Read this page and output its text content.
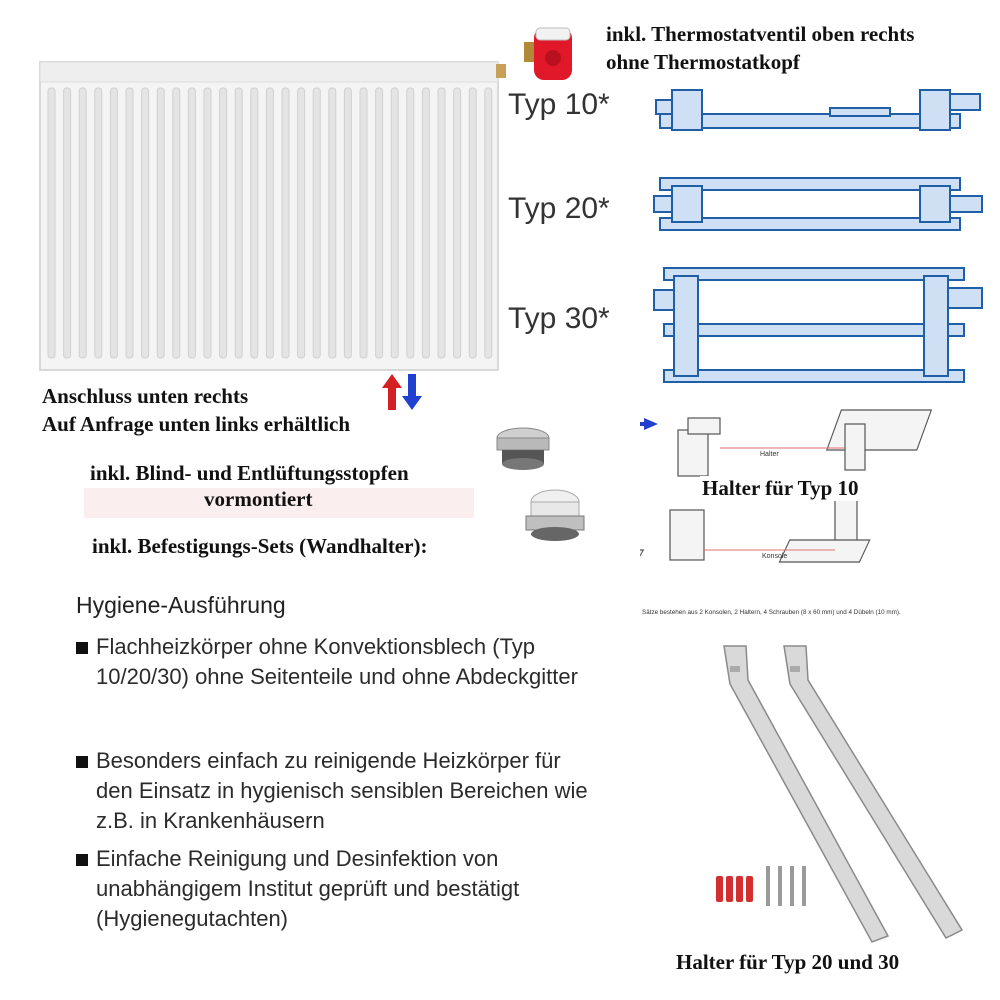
inkl. Thermostatventil oben rechts
ohne Thermostatkopf
Typ 10*
Typ 20*
Typ 30*
Anschluss unten rechts
Auf Anfrage unten links erhältlich
inkl. Blind- und Entlüftungsstopfen
vormontiert
inkl. Befestigungs-Sets (Wandhalter):
Halter
Konsole
Sätze bestehen aus 2 Konsolen, 2 Haltern, 4 Schrauben (8 x 60 mm) und 4 Dübeln (10 mm).
Halter für Typ 10
Hygiene-Ausführung
Flachheizkörper ohne Konvektionsblech (Typ 10/20/30) ohne Seitenteile und ohne Abdeckgitter
Besonders einfach zu reinigende Heizkörper für den Einsatz in hygienisch sensiblen Bereichen wie z.B. in Krankenhäusern
Einfache Reinigung und Desinfektion von unabhängigem Institut geprüft und bestätigt (Hygienegutachten)
Halter für Typ 20 und 30
